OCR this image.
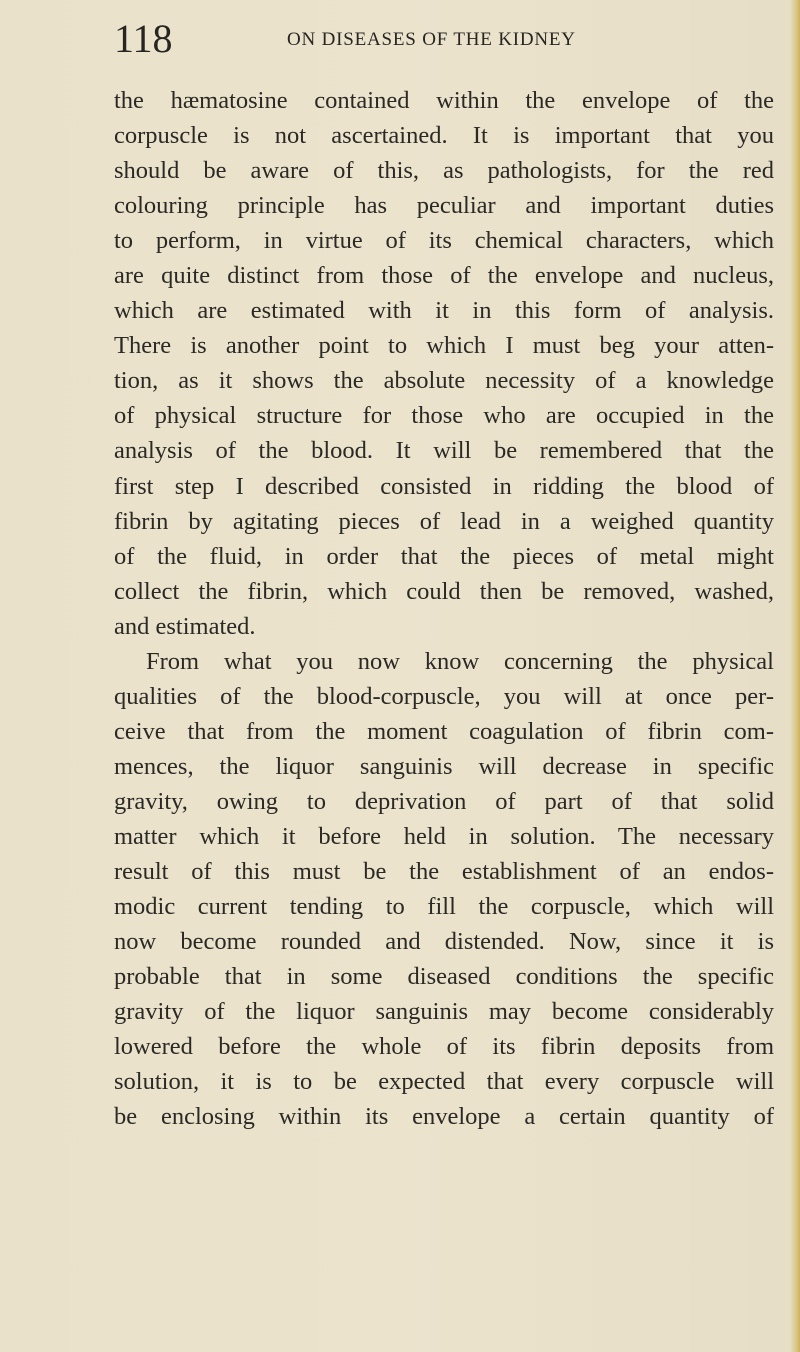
118	ON DISEASES OF THE KIDNEY
the hæmatosine contained within the envelope of the
corpuscle is not ascertained. It is important that you
should be aware of this, as pathologists, for the red
colouring principle has peculiar and important duties
to perform, in virtue of its chemical characters, which
are quite distinct from those of the envelope and nucleus,
which are estimated with it in this form of analysis.
There is another point to which I must beg your atten-
tion, as it shows the absolute necessity of a knowledge
of physical structure for those who are occupied in the
analysis of the blood. It will be remembered that the
first step I described consisted in ridding the blood of
fibrin by agitating pieces of lead in a weighed quantity
of the fluid, in order that the pieces of metal might
collect the fibrin, which could then be removed, washed,
and estimated.
From what you now know concerning the physical
qualities of the blood-corpuscle, you will at once per-
ceive that from the moment coagulation of fibrin com-
mences, the liquor sanguinis will decrease in specific
gravity, owing to deprivation of part of that solid
matter which it before held in solution. The necessary
result of this must be the establishment of an endos-
modic current tending to fill the corpuscle, which will
now become rounded and distended. Now, since it is
probable that in some diseased conditions the specific
gravity of the liquor sanguinis may become considerably
lowered before the whole of its fibrin deposits from
solution, it is to be expected that every corpuscle will
be enclosing within its envelope a certain quantity of
